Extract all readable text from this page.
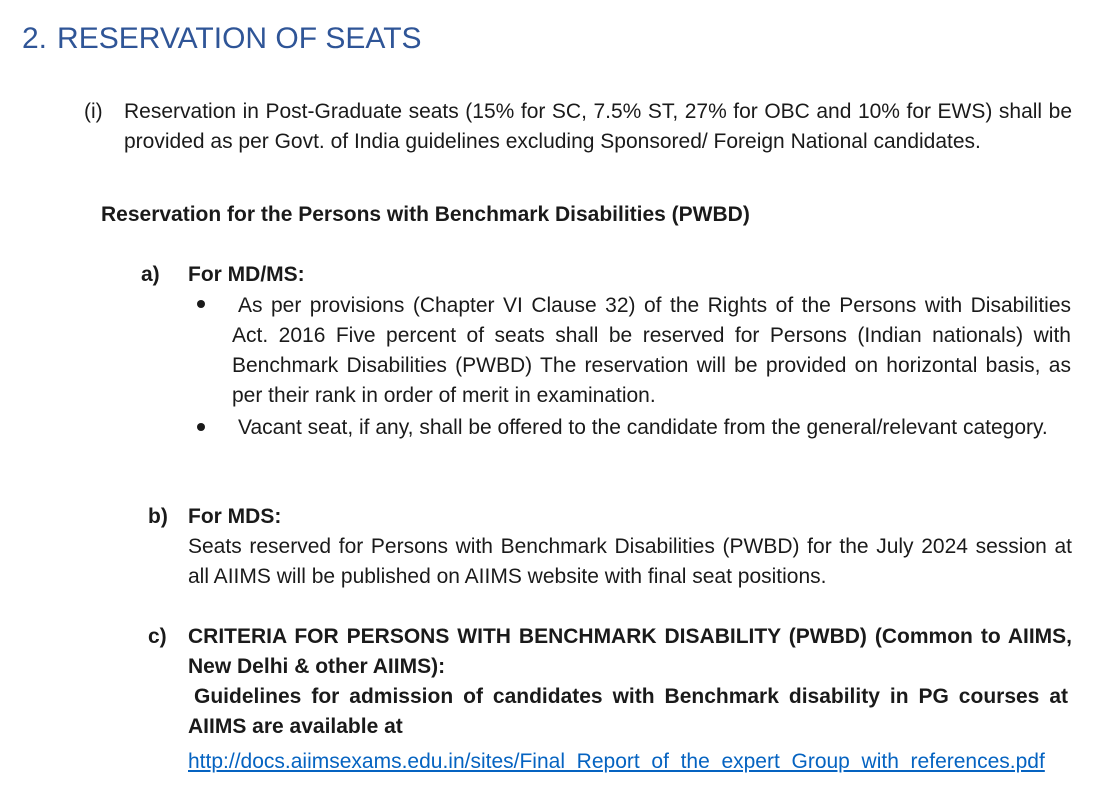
2. RESERVATION OF SEATS
(i) Reservation in Post-Graduate seats (15% for SC, 7.5% ST, 27% for OBC and 10% for EWS) shall be provided as per Govt. of India guidelines excluding Sponsored/ Foreign National candidates.
Reservation for the Persons with Benchmark Disabilities (PWBD)
a) For MD/MS:
As per provisions (Chapter VI Clause 32) of the Rights of the Persons with Disabilities Act. 2016 Five percent of seats shall be reserved for Persons (Indian nationals) with Benchmark Disabilities (PWBD) The reservation will be provided on horizontal basis, as per their rank in order of merit in examination.
Vacant seat, if any, shall be offered to the candidate from the general/relevant category.
b) For MDS:
Seats reserved for Persons with Benchmark Disabilities (PWBD) for the July 2024 session at all AIIMS will be published on AIIMS website with final seat positions.
c) CRITERIA FOR PERSONS WITH BENCHMARK DISABILITY (PWBD) (Common to AIIMS, New Delhi & other AIIMS):
Guidelines for admission of candidates with Benchmark disability in PG courses at AIIMS are available at
http://docs.aiimsexams.edu.in/sites/Final_Report_of_the_expert_Group_with_references.pdf
